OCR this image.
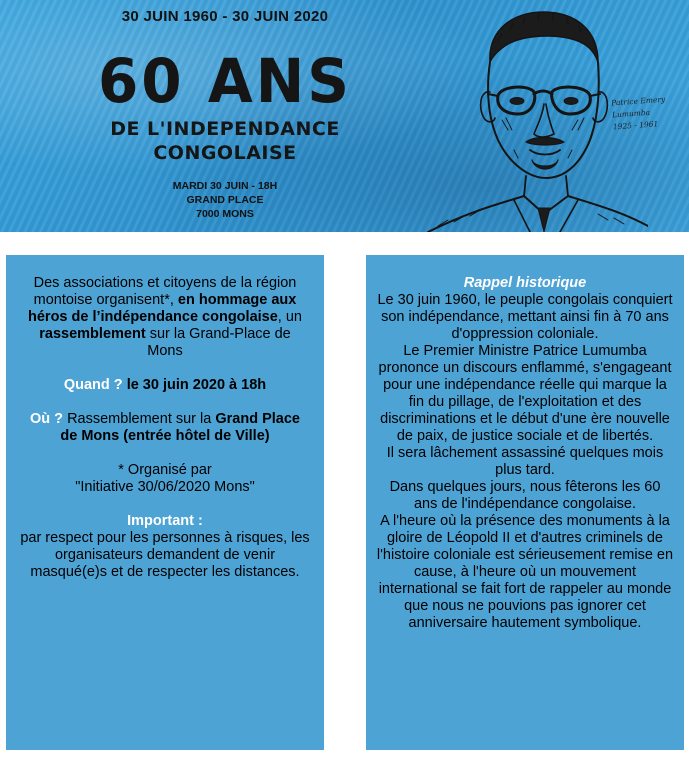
30 JUIN 1960 - 30 JUIN 2020
60 ANS
DE L'INDEPENDANCE
CONGOLAISE
MARDI 30 JUIN - 18H
GRAND PLACE
7000 MONS
Patrice Emery
Lumumba
1925 - 1961

Des associations et citoyens de la région montoise organisent*, en hommage aux héros de l’indépendance congolaise, un rassemblement sur la Grand-Place de Mons

Quand ? le 30 juin 2020 à 18h

Où ? Rassemblement sur la Grand Place de Mons (entrée hôtel de Ville)

* Organisé par

"Initiative 30/06/2020 Mons"

Important :

par respect pour les personnes à risques, les organisateurs demandent de venir masqué(e)s et de respecter les distances.

Rappel historique

Le 30 juin 1960, le peuple congolais conquiert son indépendance, mettant ainsi fin à 70 ans d'oppression coloniale.

Le Premier Ministre Patrice Lumumba prononce un discours enflammé, s'engageant pour une indépendance réelle qui marque la fin du pillage, de l'exploitation et des discriminations et le début d'une ère nouvelle de paix, de justice sociale et de libertés.

Il sera lâchement assassiné quelques mois plus tard.

Dans quelques jours, nous fêterons les 60 ans de l'indépendance congolaise.

A l'heure où la présence des monuments à la gloire de Léopold II et d'autres criminels de l'histoire coloniale est sérieusement remise en cause, à l'heure où un mouvement international se fait fort de rappeler au monde que nous ne pouvions pas ignorer cet anniversaire hautement symbolique.
